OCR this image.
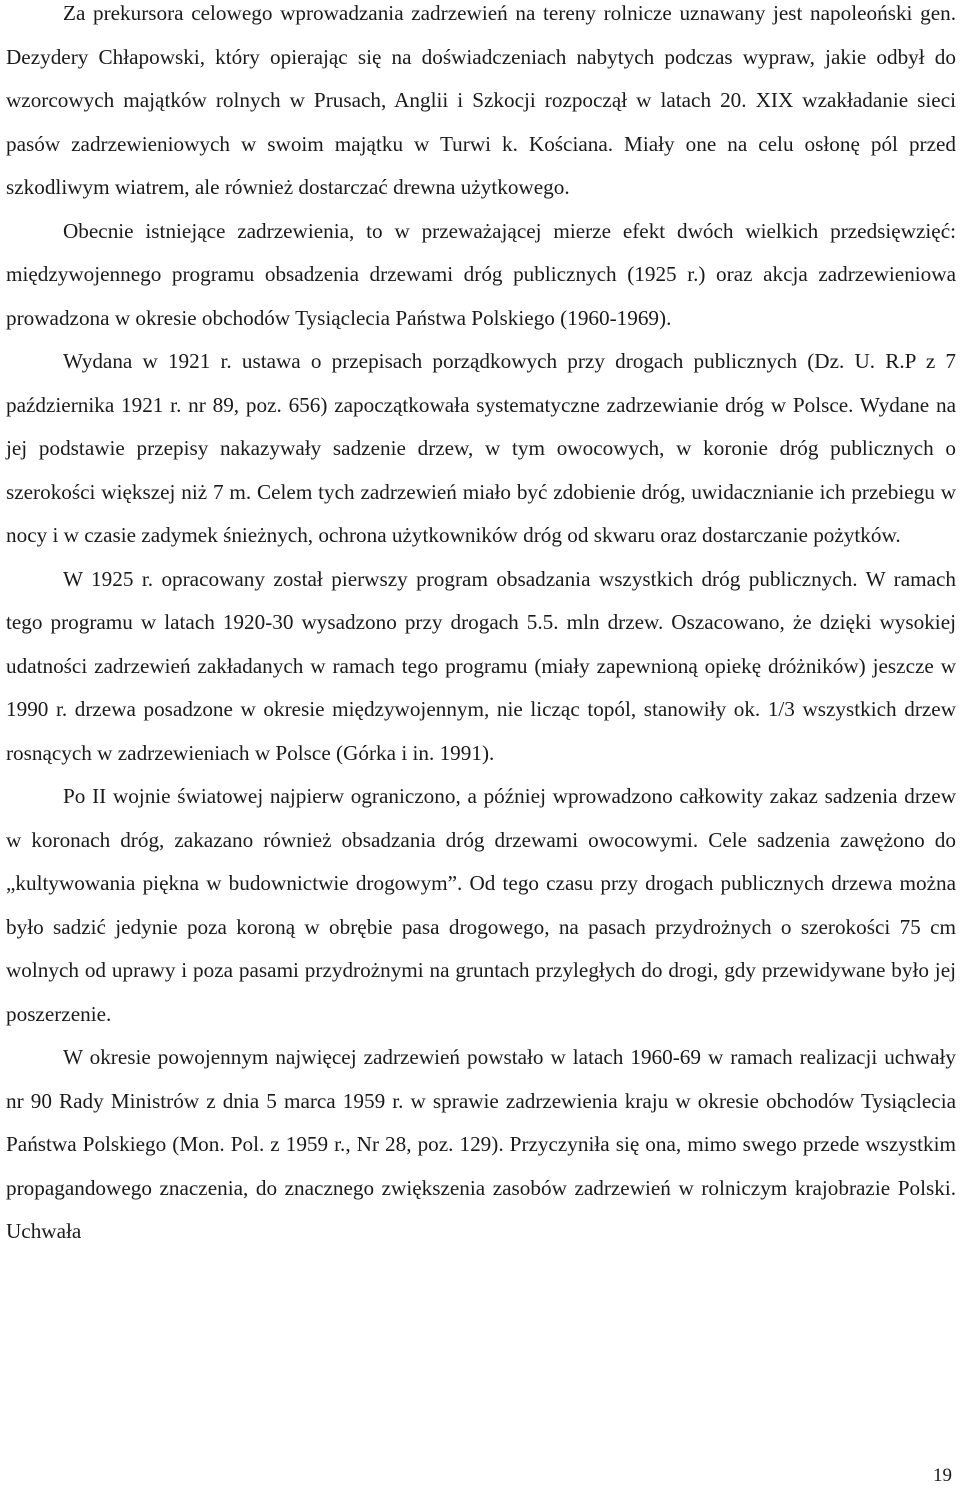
Za prekursora celowego wprowadzania zadrzewień na tereny rolnicze uznawany jest napoleoński gen. Dezydery Chłapowski, który opierając się na doświadczeniach nabytych podczas wypraw, jakie odbył do wzorcowych majątków rolnych w Prusach, Anglii i Szkocji rozpoczął w latach 20. XIX wzakładanie sieci pasów zadrzewieniowych w swoim majątku w Turwi k. Kościana. Miały one na celu osłonę pól przed szkodliwym wiatrem, ale również dostarczać drewna użytkowego.

Obecnie istniejące zadrzewienia, to w przeważającej mierze efekt dwóch wielkich przedsięwzięć: międzywojennego programu obsadzenia drzewami dróg publicznych (1925 r.) oraz akcja zadrzewieniowa prowadzona w okresie obchodów Tysiąclecia Państwa Polskiego (1960-1969).

Wydana w 1921 r. ustawa o przepisach porządkowych przy drogach publicznych (Dz. U. R.P z 7 października 1921 r. nr 89, poz. 656) zapoczątkowała systematyczne zadrzewianie dróg w Polsce. Wydane na jej podstawie przepisy nakazywały sadzenie drzew, w tym owocowych, w koronie dróg publicznych o szerokości większej niż 7 m. Celem tych zadrzewień miało być zdobienie dróg, uwidacznianie ich przebiegu w nocy i w czasie zadymek śnieżnych, ochrona użytkowników dróg od skwaru oraz dostarczanie pożytków.

W 1925 r. opracowany został pierwszy program obsadzania wszystkich dróg publicznych. W ramach tego programu w latach 1920-30 wysadzono przy drogach 5.5. mln drzew. Oszacowano, że dzięki wysokiej udatności zadrzewień zakładanych w ramach tego programu (miały zapewnioną opiekę dróżników) jeszcze w 1990 r. drzewa posadzone w okresie międzywojennym, nie licząc topól, stanowiły ok. 1/3 wszystkich drzew rosnących w zadrzewieniach w Polsce (Górka i in. 1991).

Po II wojnie światowej najpierw ograniczono, a później wprowadzono całkowity zakaz sadzenia drzew w koronach dróg, zakazano również obsadzania dróg drzewami owocowymi. Cele sadzenia zawężono do „kultywowania piękna w budownictwie drogowym”. Od tego czasu przy drogach publicznych drzewa można było sadzić jedynie poza koroną w obrębie pasa drogowego, na pasach przydrożnych o szerokości 75 cm wolnych od uprawy i poza pasami przydrożnymi na gruntach przyległych do drogi, gdy przewidywane było jej poszerzenie.

W okresie powojennym najwięcej zadrzewień powstało w latach 1960-69 w ramach realizacji uchwały nr 90 Rady Ministrów z dnia 5 marca 1959 r. w sprawie zadrzewienia kraju w okresie obchodów Tysiąclecia Państwa Polskiego (Mon. Pol. z 1959 r., Nr 28, poz. 129). Przyczyniła się ona, mimo swego przede wszystkim propagandowego znaczenia, do znacznego zwiększenia zasobów zadrzewień w rolniczym krajobrazie Polski. Uchwała

19
